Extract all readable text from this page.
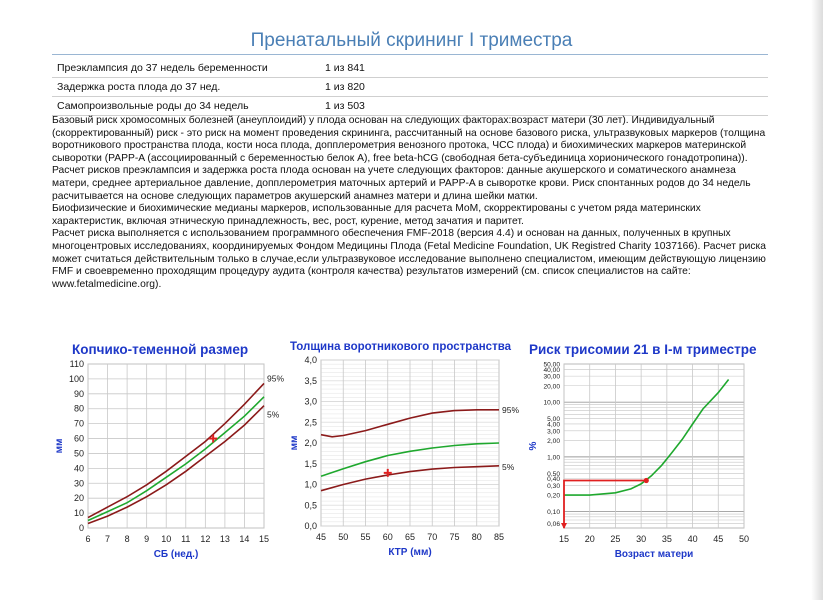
Пренатальный скрининг I триместра
Преэклампсия до 37 недель беременности	1 из 841
Задержка роста плода до 37 нед.	1 из 820
Самопроизвольные роды до 34 недель	1 из 503

Базовый риск хромосомных болезней (анеуплоидий) у плода основан на следующих факторах:возраст матери (30 лет). Индивидуальный (скорректированный) риск - это риск на момент проведения скрининга, рассчитанный на основе базового риска, ультразвуковых маркеров (толщина воротникового пространства плода, кости носа плода, допплерометрия венозного протока, ЧСС плода) и биохимических маркеров материнской сыворотки (PAPP-A (ассоциированный с беременностью белок А), free beta-hCG (свободная бета-субъединица хорионического гонадотропина)).

Расчет рисков преэклампсия и задержка роста плода основан на учете следующих факторов: данные акушерского и соматического анамнеза матери, среднее артериальное давление, допплерометрия маточных артерий и PAPP-A в сыворотке крови. Риск спонтанных родов до 34 недель расчитывается на основе следующих параметров акушерский анамнез матери и длина шейки матки.

Биофизические и биохимические медианы маркеров, использованные для расчета МоМ, скорректированы с учетом ряда материнских характеристик, включая этническую принадлежность, вес, рост, курение, метод зачатия и паритет.

Расчет риска выполняется с использованием программного обеспечения FMF-2018 (версия 4.4) и основан на данных, полученных в крупных многоцентровых исследованиях, координируемых Фондом Медицины Плода (Fetal Medicine Foundation, UK Registred Charity 1037166). Расчет риска может считаться действительным только в случае,если ультразвуковое исследование выполнено специалистом, имеющим действующую лицензию FMF и своевременно проходящим процедуру аудита (контроля качества) результатов измерений (см. список специалистов на сайте: www.fetalmedicine.org).

Копчико-теменной размер	Толщина воротникового пространства Риск трисомии 21 в I-м триместре
0
10
20
30
40
50
60
70
80
90
100
110
6 7 8 9 10 11 12 13 14 15
95%
5%
СБ (нед.)
мм
0,0
0,5
1,0
1,5
2,0
2,5
3,0
3,5
4,0
45 50 55 60 65 70 75 80 85
95%
5%
КТР (мм)
мм
50,00
40,00
30,00
20,00
10,00
5,00
4,00
3,00
2,00
1,00
0,50
0,40
0,30
0,20
0,10
0,06
15 20 25 30 35 40 45 50
Возраст матери
%
